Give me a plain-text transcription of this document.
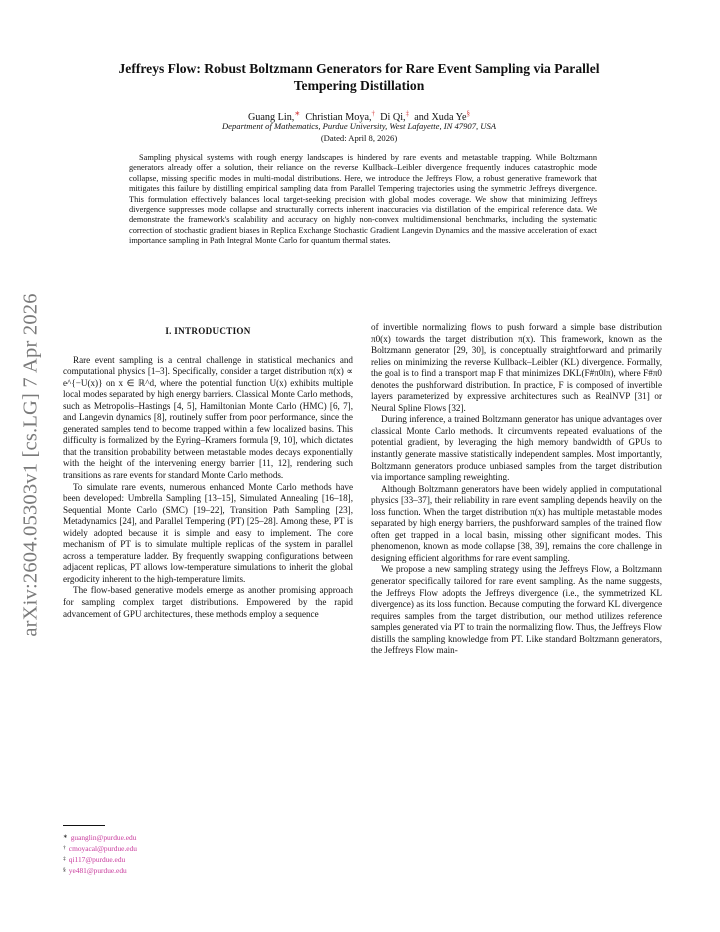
arXiv:2604.05303v1 [cs.LG] 7 Apr 2026
Jeffreys Flow: Robust Boltzmann Generators for Rare Event Sampling via Parallel
Tempering Distillation
Guang Lin,∗ Christian Moya,† Di Qi,‡ and Xuda Ye§
Department of Mathematics, Purdue University, West Lafayette, IN 47907, USA
(Dated: April 8, 2026)
Sampling physical systems with rough energy landscapes is hindered by rare events and metastable trapping. While Boltzmann generators already offer a solution, their reliance on the reverse Kullback–Leibler divergence frequently induces catastrophic mode collapse, missing specific modes in multi-modal distributions. Here, we introduce the Jeffreys Flow, a robust generative framework that mitigates this failure by distilling empirical sampling data from Parallel Tempering trajectories using the symmetric Jeffreys divergence. This formulation effectively balances local target-seeking precision with global modes coverage. We show that minimizing Jeffreys divergence suppresses mode collapse and structurally corrects inherent inaccuracies via distillation of the empirical reference data. We demonstrate the framework's scalability and accuracy on highly non-convex multidimensional benchmarks, including the systematic correction of stochastic gradient biases in Replica Exchange Stochastic Gradient Langevin Dynamics and the massive acceleration of exact importance sampling in Path Integral Monte Carlo for quantum thermal states.
I. INTRODUCTION

Rare event sampling is a central challenge in statistical mechanics and computational physics [1–3]. Specifically, consider a target distribution π(x) ∝ e^{−U(x)} on x ∈ ℝ^d, where the potential function U(x) exhibits multiple local modes separated by high energy barriers. Classical Monte Carlo methods, such as Metropolis–Hastings [4, 5], Hamiltonian Monte Carlo (HMC) [6, 7], and Langevin dynamics [8], routinely suffer from poor performance, since the generated samples tend to become trapped within a few localized basins. This difficulty is formalized by the Eyring–Kramers formula [9, 10], which dictates that the transition probability between metastable modes decays exponentially with the height of the intervening energy barrier [11, 12], rendering such transitions as rare events for standard Monte Carlo methods.

To simulate rare events, numerous enhanced Monte Carlo methods have been developed: Umbrella Sampling [13–15], Simulated Annealing [16–18], Sequential Monte Carlo (SMC) [19–22], Transition Path Sampling [23], Metadynamics [24], and Parallel Tempering (PT) [25–28]. Among these, PT is widely adopted because it is simple and easy to implement. The core mechanism of PT is to simulate multiple replicas of the system in parallel across a temperature ladder. By frequently swapping configurations between adjacent replicas, PT allows low-temperature simulations to inherit the global ergodicity inherent to the high-temperature limits.

The flow-based generative models emerge as another promising approach for sampling complex target distributions. Empowered by the rapid advancement of GPU architectures, these methods employ a sequence

of invertible normalizing flows to push forward a simple base distribution π0(x) towards the target distribution π(x). This framework, known as the Boltzmann generator [29, 30], is conceptually straightforward and primarily relies on minimizing the reverse Kullback–Leibler (KL) divergence. Formally, the goal is to find a transport map F that minimizes DKL(F#π0‖π), where F#π0 denotes the pushforward distribution. In practice, F is composed of invertible layers parameterized by expressive architectures such as RealNVP [31] or Neural Spline Flows [32].

During inference, a trained Boltzmann generator has unique advantages over classical Monte Carlo methods. It circumvents repeated evaluations of the potential gradient, by leveraging the high memory bandwidth of GPUs to instantly generate massive statistically independent samples. Most importantly, Boltzmann generators produce unbiased samples from the target distribution via importance sampling reweighting.

Although Boltzmann generators have been widely applied in computational physics [33–37], their reliability in rare event sampling depends heavily on the loss function. When the target distribution π(x) has multiple metastable modes separated by high energy barriers, the pushforward samples of the trained flow often get trapped in a local basin, missing other significant modes. This phenomenon, known as mode collapse [38, 39], remains the core challenge in designing efficient algorithms for rare event sampling.

We propose a new sampling strategy using the Jeffreys Flow, a Boltzmann generator specifically tailored for rare event sampling. As the name suggests, the Jeffreys Flow adopts the Jeffreys divergence (i.e., the symmetrized KL divergence) as its loss function. Because computing the forward KL divergence requires samples from the target distribution, our method utilizes reference samples generated via PT to train the normalizing flow. Thus, the Jeffreys Flow distills the sampling knowledge from PT. Like standard Boltzmann generators, the Jeffreys Flow main-

∗ guanglin@purdue.edu
† cmoyacal@purdue.edu
‡ qi117@purdue.edu
§ ye481@purdue.edu
